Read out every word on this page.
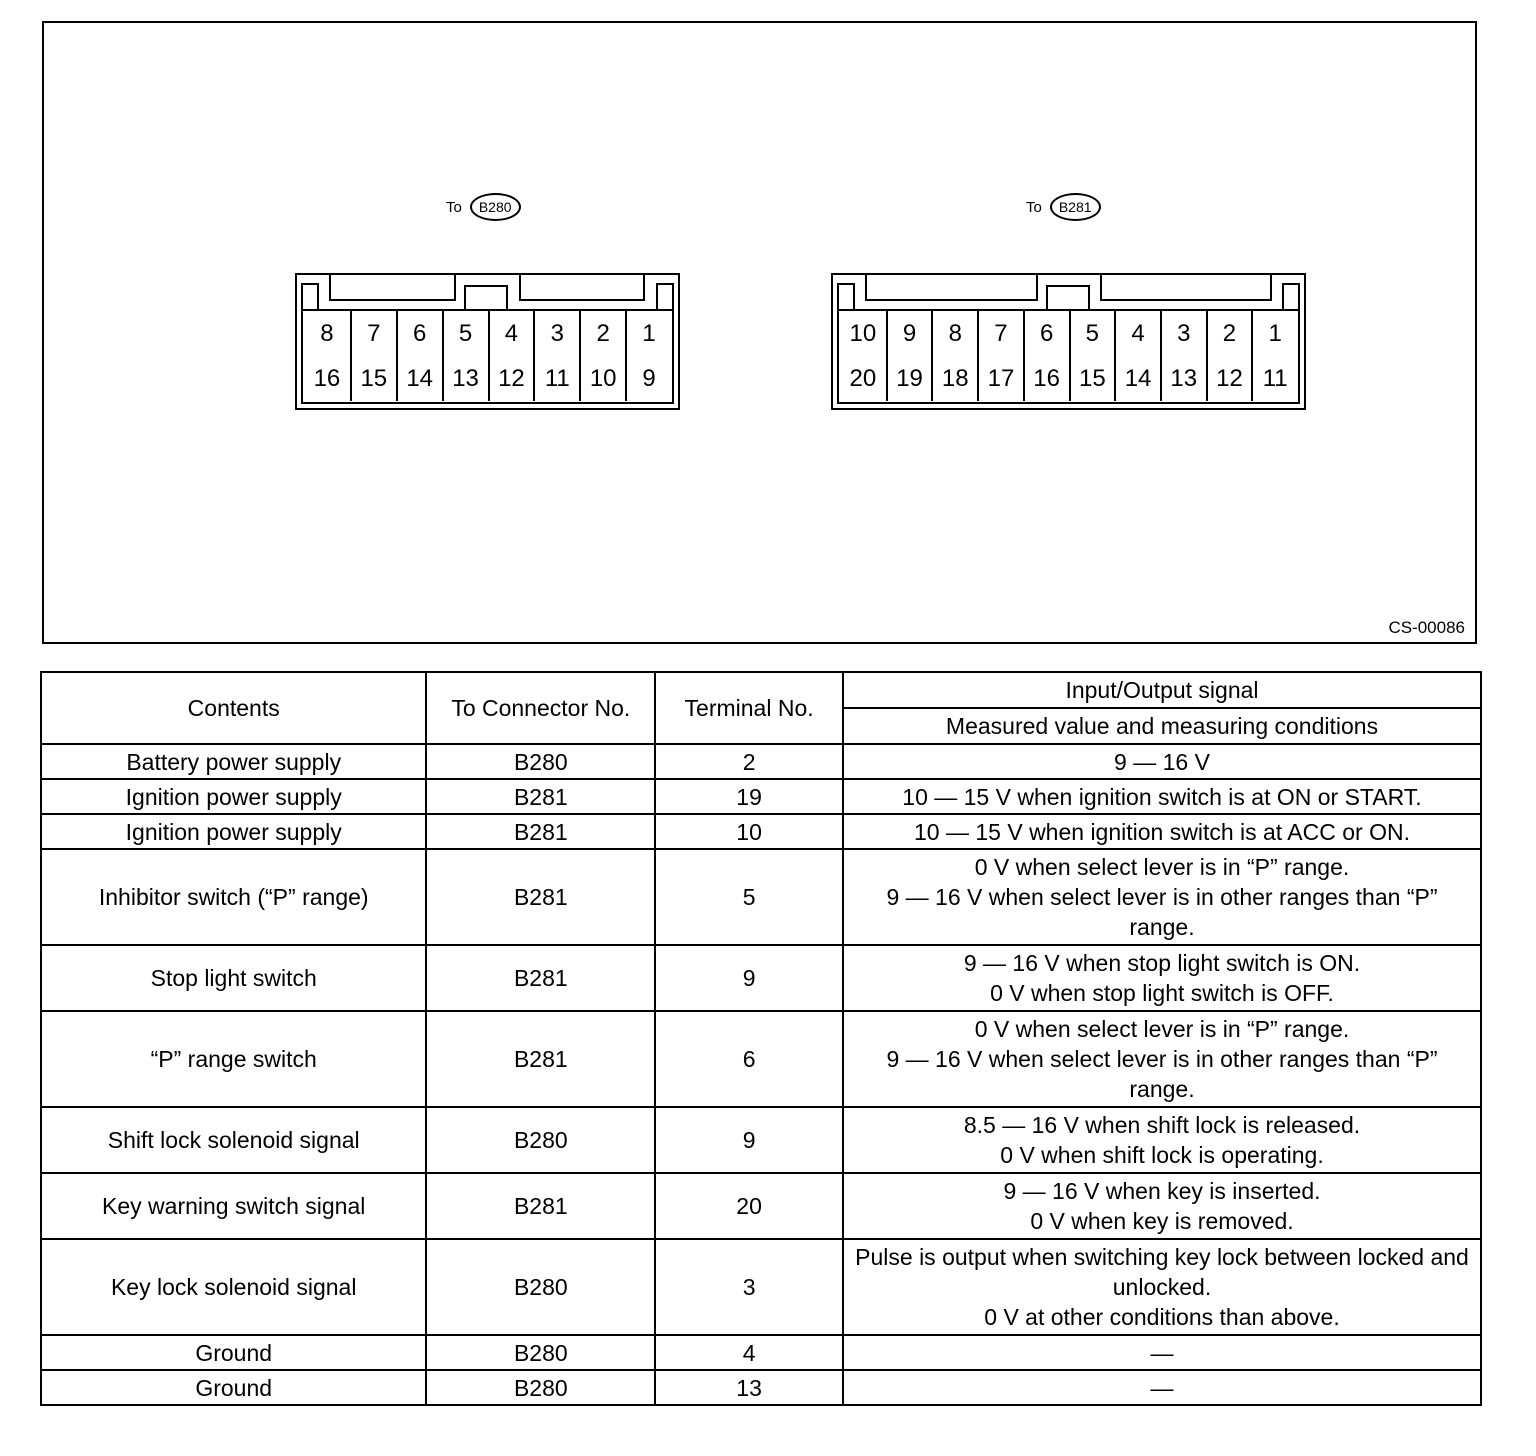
To	B280
8	7	6	5	4	3	2	1
16 15 14 13 12 11 10	9
To	B281
10	9	8	7	6	5	4	3	2	1
20 19 18 17 16 15 14 13 12 11
CS-00086
Contents	To Connector No.	Terminal No.	Input/Output signal
			Measured value and measuring conditions
Battery power supply	B280	2	9 — 16 V

Ignition power supply	B281	19	10 — 15 V when ignition switch is at ON or START.

Ignition power supply	B281	10	10 — 15 V when ignition switch is at ACC or ON.

Inhibitor switch (“P” range)	B281	5	0 V when select lever is in “P” range.
9 — 16 V when select lever is in other ranges than “P” range.

Stop light switch	B281	9	9 — 16 V when stop light switch is ON.
0 V when stop light switch is OFF.

“P” range switch	B281	6	0 V when select lever is in “P” range.
9 — 16 V when select lever is in other ranges than “P” range.

Shift lock solenoid signal	B280	9	8.5 — 16 V when shift lock is released.
0 V when shift lock is operating.

Key warning switch signal	B281	20	9 — 16 V when key is inserted.
0 V when key is removed.

Key lock solenoid signal	B280	3	Pulse is output when switching key lock between locked and unlocked.
0 V at other conditions than above.

Ground	B280	4	—

Ground	B280	13	—
